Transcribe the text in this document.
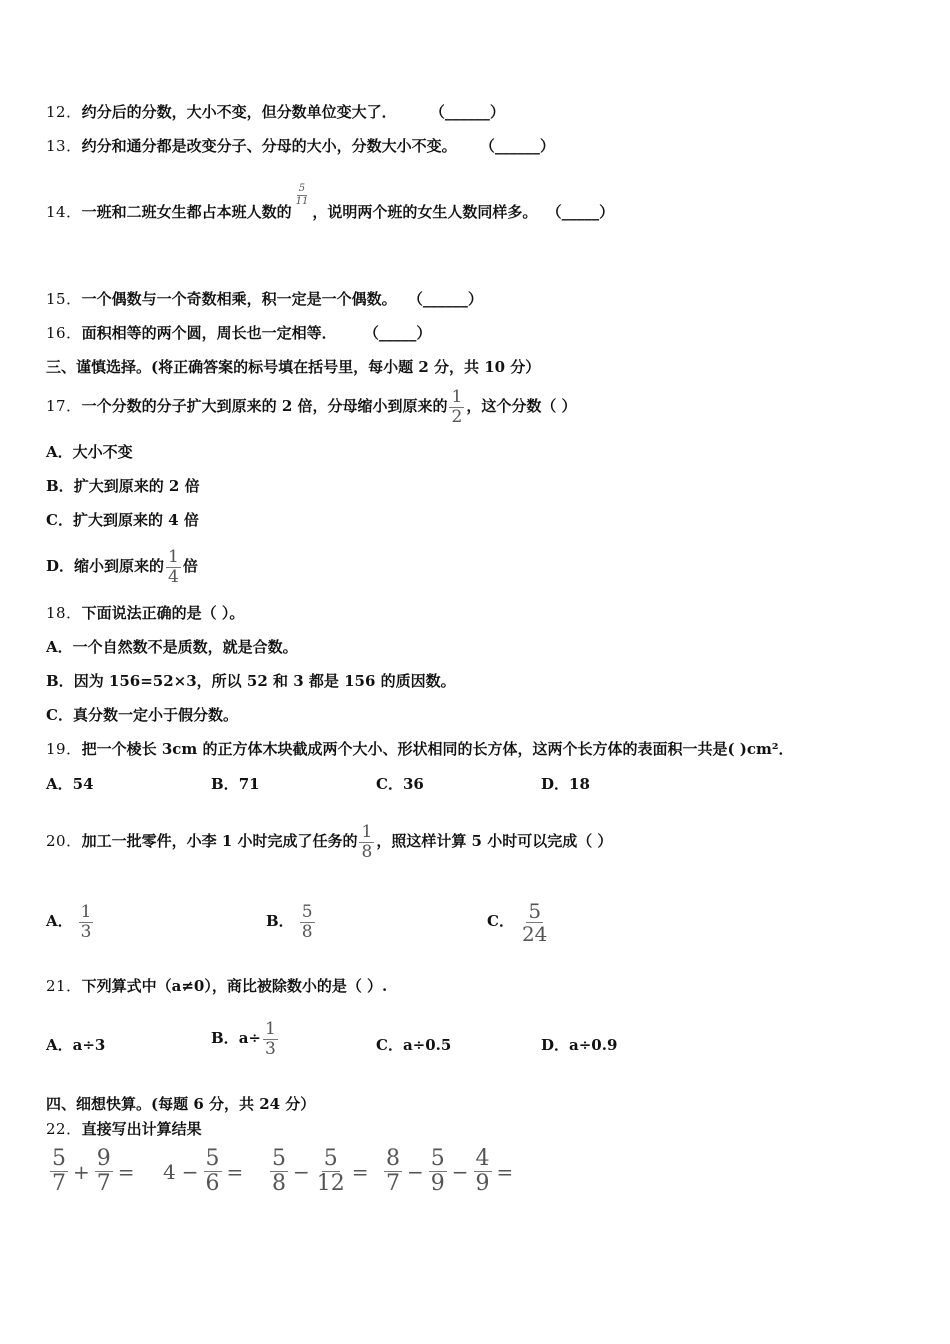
12．约分后的分数，大小不变，但分数单位变大了． （______）
13．约分和通分都是改变分子、分母的大小，分数大小不变。 （______）
14．一班和二班女生都占本班人数的
$\frac{5}{11}$
，说明两个班的女生人数同样多。 （_____）
15．一个偶数与一个奇数相乘，积一定是一个偶数。 （______）
16．面积相等的两个圆，周长也一定相等． （_____）
三、谨慎选择。(将正确答案的标号填在括号里，每小题 2 分，共 10 分）
17．一个分数的分子扩大到原来的 2 倍，分母缩小到原来的 $\frac{1}{2}$ ，这个分数（ ）
A．大小不变
B．扩大到原来的 2 倍
C．扩大到原来的 4 倍
D．缩小到原来的 $\frac{1}{4}$ 倍
18．下面说法正确的是（ ）。
A．一个自然数不是质数，就是合数。
B．因为 156=52×3，所以 52 和 3 都是 156 的质因数。
C．真分数一定小于假分数。
19．把一个棱长 3cm 的正方体木块截成两个大小、形状相同的长方体，这两个长方体的表面积一共是( )cm²．
A．54	B．71	C．36	D．18
20．加工一批零件，小李 1 小时完成了任务的 $\frac{1}{8}$ ，照这样计算 5 小时可以完成（ ）
A． $\frac{1}{3}$	B． $\frac{5}{8}$	C． $\frac{5}{24}$
21．下列算式中（a≠0），商比被除数小的是（ ）.
A．a÷3	B．$a\div \frac{1}{3}$	C．a÷0.5	D．a÷0.9
四、细想快算。(每题 6 分，共 24 分）
22．直接写出计算结果
$\frac{5}{7} + \frac{9}{7} = 4 - \frac{5}{6} = \frac{5}{8} - \frac{5}{12} = \frac{8}{7} - \frac{5}{9} - \frac{4}{9}$ =
